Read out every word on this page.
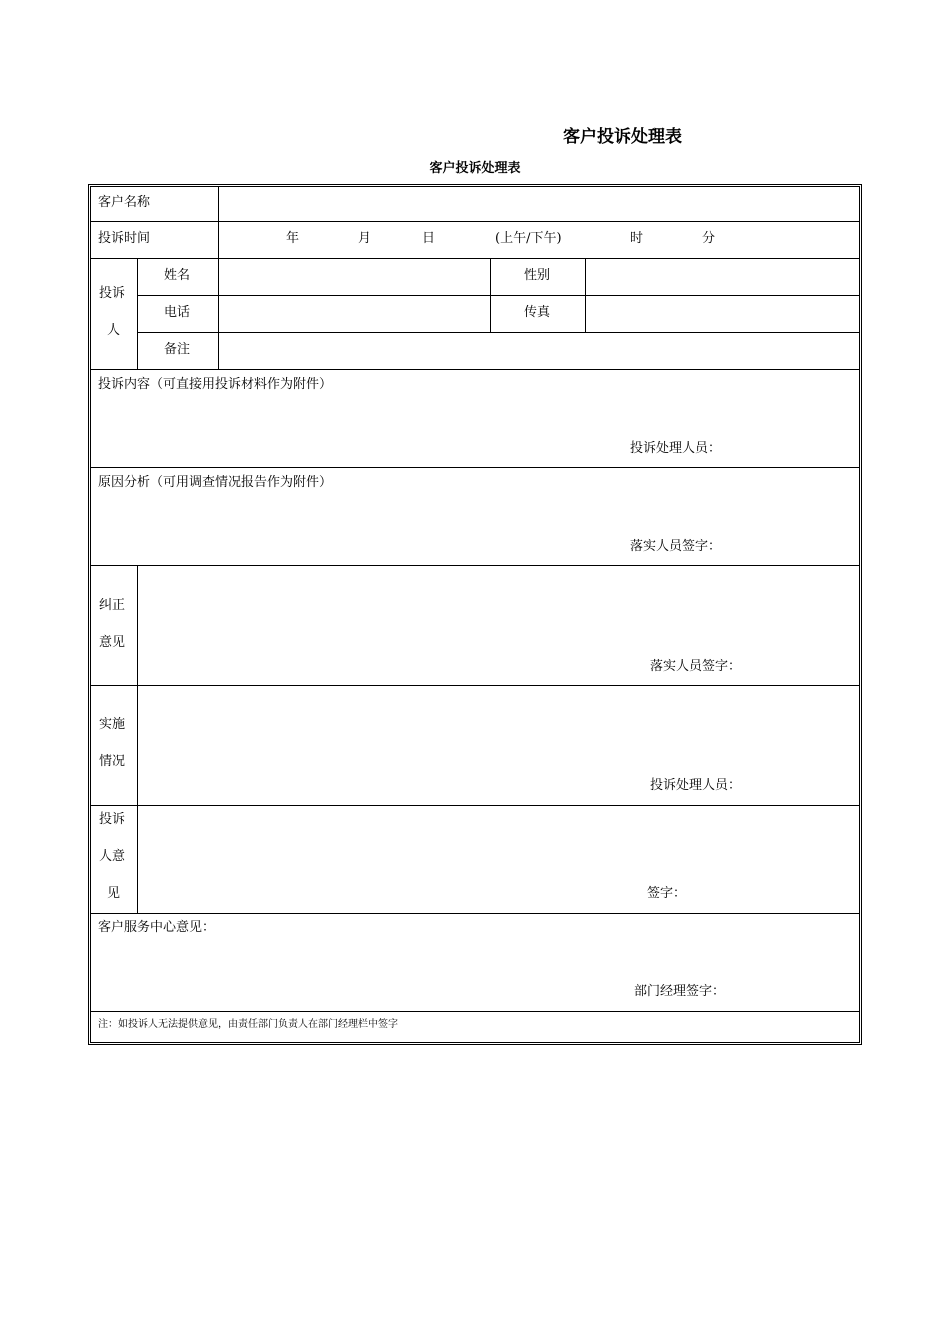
客户投诉处理表
客户投诉处理表
客户名称
投诉时间	年	月	日	(上午/下午)	时	分
投诉
人
姓名	性别
电话	传真
备注
投诉内容（可直接用投诉材料作为附件）
投诉处理人员：
原因分析（可用调查情况报告作为附件）
落实人员签字：
纠正
意见
落实人员签字：
实施
情况
投诉处理人员：
投诉
人意
见	签字：
客户服务中心意见：
部门经理签字：
注：如投诉人无法提供意见，由责任部门负责人在部门经理栏中签字
